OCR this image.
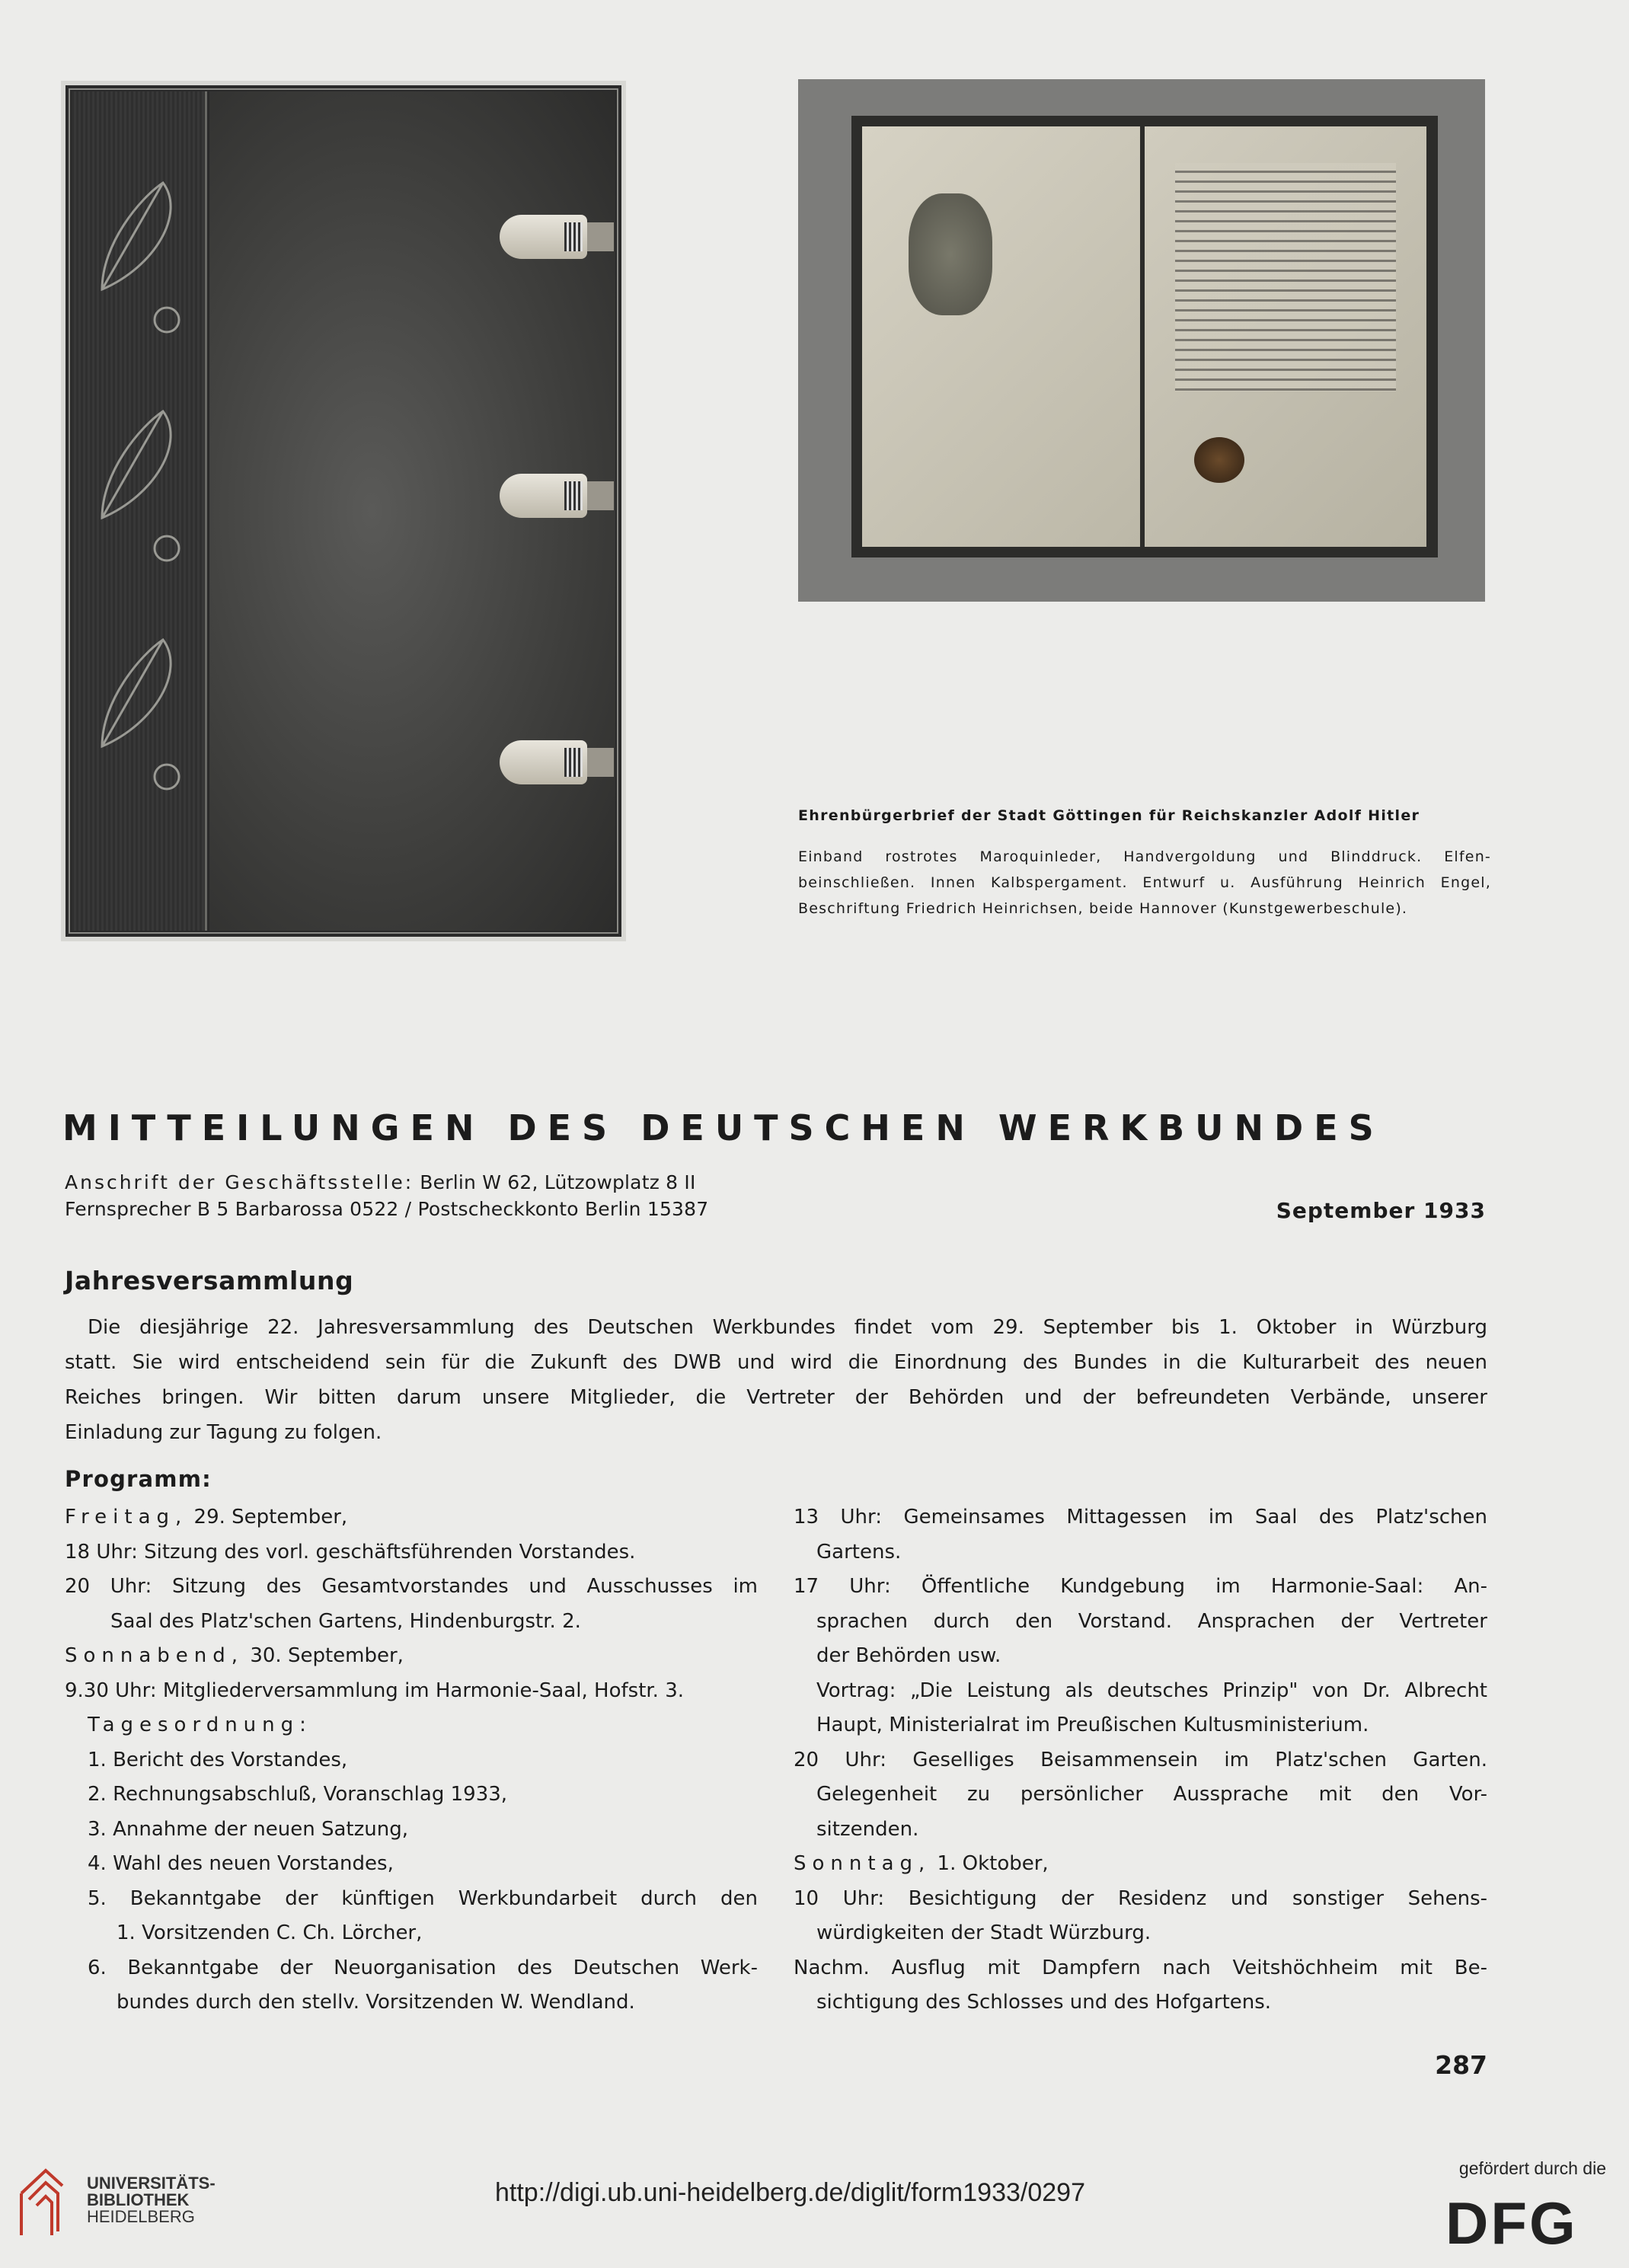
Ehrenbürgerbrief der Stadt Göttingen für Reichskanzler Adolf Hitler
Einband rostrotes Maroquinleder, Handvergoldung und Blinddruck. Elfen-
beinschließen. Innen Kalbspergament. Entwurf u. Ausführung Heinrich Engel,
Beschriftung Friedrich Heinrichsen, beide Hannover (Kunstgewerbeschule).
MITTEILUNGEN DES DEUTSCHEN WERKBUNDES
Anschrift der Geschäftsstelle: Berlin W 62, Lützowplatz 8 II
Fernsprecher B 5 Barbarossa 0522 / Postscheckkonto Berlin 15387	September 1933
Jahresversammlung
Die diesjährige 22. Jahresversammlung des Deutschen Werkbundes findet vom 29. September bis 1. Oktober in Würzburg
statt. Sie wird entscheidend sein für die Zukunft des DWB und wird die Einordnung des Bundes in die Kulturarbeit des neuen
Reiches bringen. Wir bitten darum unsere Mitglieder, die Vertreter der Behörden und der befreundeten Verbände, unserer
Einladung zur Tagung zu folgen.
Programm:
Freitag, 29. September,
18 Uhr: Sitzung des vorl. geschäftsführenden Vorstandes.
20 Uhr: Sitzung des Gesamtvorstandes und Ausschusses im
Saal des Platz'schen Gartens, Hindenburgstr. 2.
Sonnabend, 30. September,
9.30 Uhr: Mitgliederversammlung im Harmonie-Saal, Hofstr. 3.
Tagesordnung:
1. Bericht des Vorstandes,
2. Rechnungsabschluß, Voranschlag 1933,
3. Annahme der neuen Satzung,
4. Wahl des neuen Vorstandes,
5. Bekanntgabe der künftigen Werkbundarbeit durch den
1. Vorsitzenden C. Ch. Lörcher,
6. Bekanntgabe der Neuorganisation des Deutschen Werk-
bundes durch den stellv. Vorsitzenden W. Wendland.
13 Uhr: Gemeinsames Mittagessen im Saal des Platz'schen
Gartens.
17 Uhr: Öffentliche Kundgebung im Harmonie-Saal: An-
sprachen durch den Vorstand. Ansprachen der Vertreter
der Behörden usw.
Vortrag: „Die Leistung als deutsches Prinzip" von Dr. Albrecht
Haupt, Ministerialrat im Preußischen Kultusministerium.
20 Uhr: Geselliges Beisammensein im Platz'schen Garten.
Gelegenheit zu persönlicher Aussprache mit den Vor-
sitzenden.
Sonntag, 1. Oktober,
10 Uhr: Besichtigung der Residenz und sonstiger Sehens-
würdigkeiten der Stadt Würzburg.
Nachm. Ausflug mit Dampfern nach Veitshöchheim mit Be-
sichtigung des Schlosses und des Hofgartens.
287
UNIVERSITÄTS-
BIBLIOTHEK
HEIDELBERG
http://digi.ub.uni-heidelberg.de/diglit/form1933/0297
gefördert durch die
DFG
